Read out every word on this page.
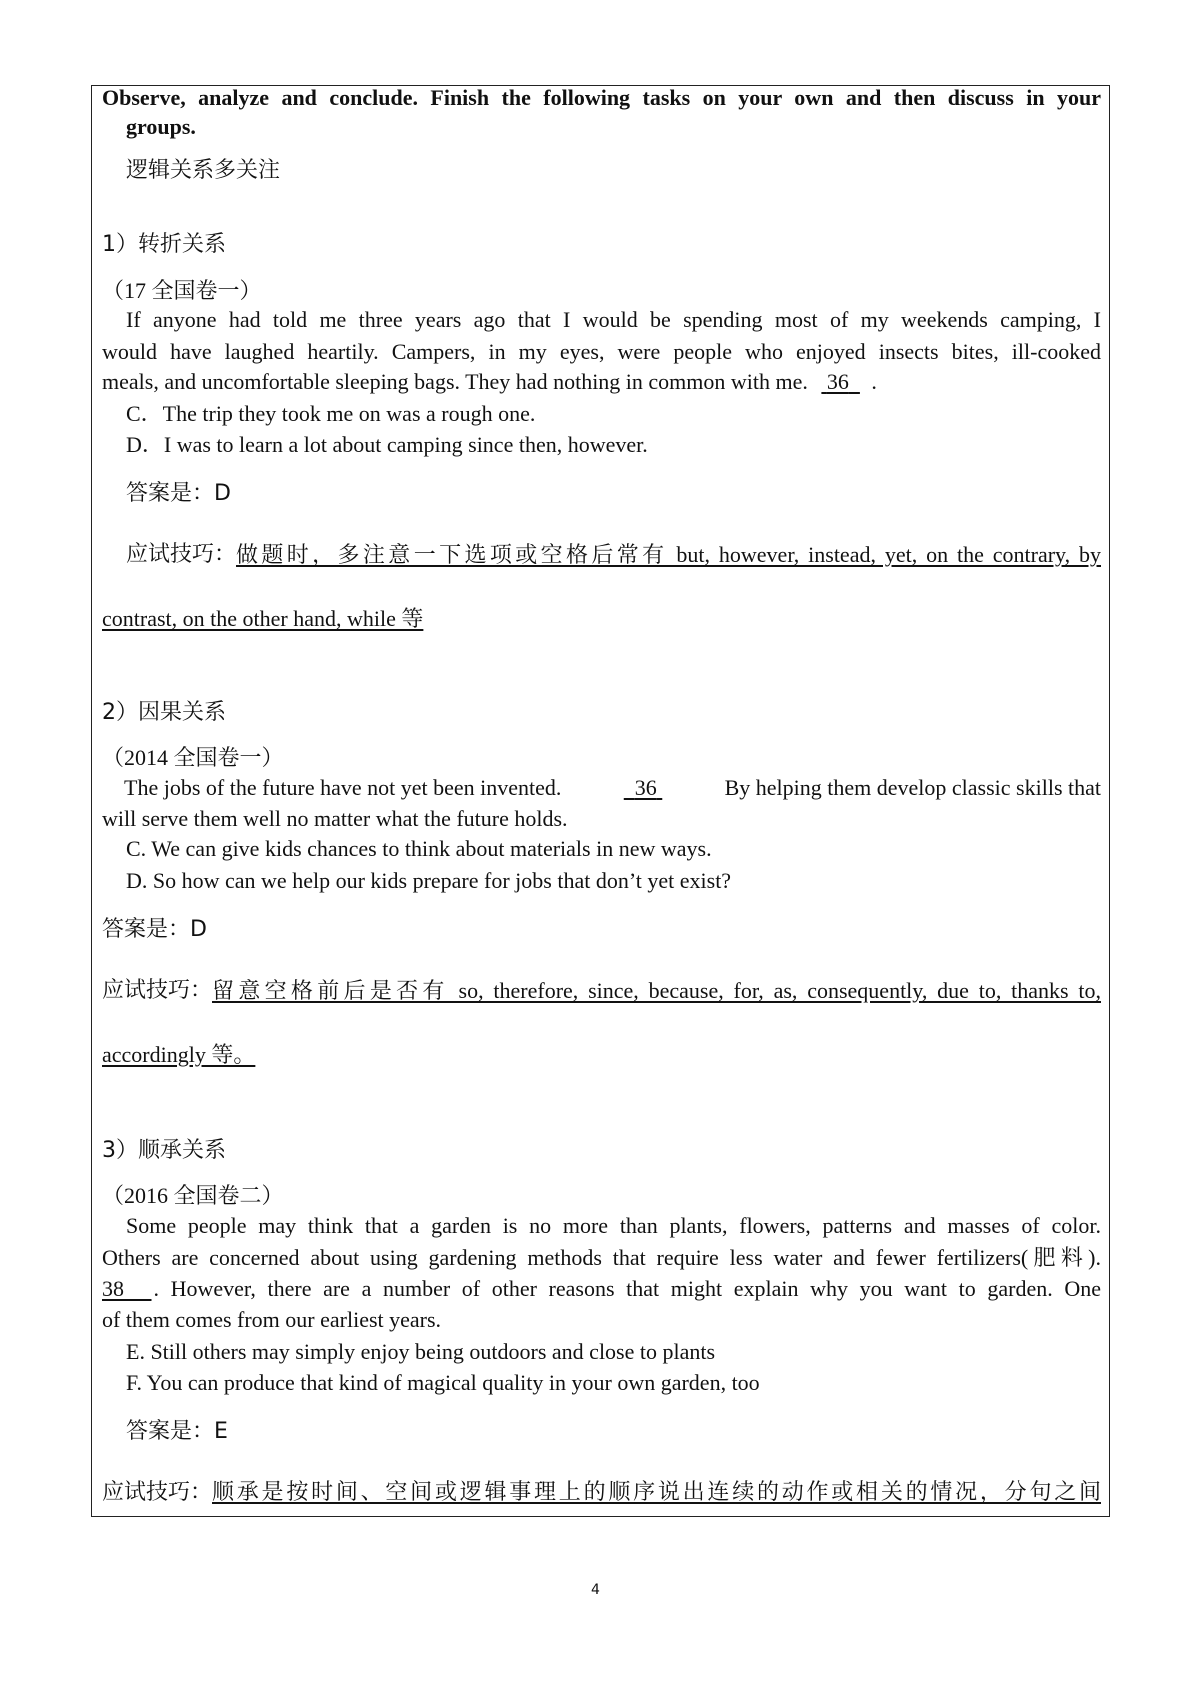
Observe, analyze and conclude. Finish the following tasks on your own and then discuss in your
groups.
逻辑关系多关注
1）转折关系
（17 全国卷一）
If anyone had told me three years ago that I would be spending most of my weekends camping, I
would have laughed heartily. Campers, in my eyes, were people who enjoyed insects bites, ill-cooked
meals, and uncomfortable sleeping bags. They had nothing in common with me. 36 .
C．The trip they took me on was a rough one.
D．I was to learn a lot about camping since then, however.
答案是：D
应试技巧： 做题时，多注意一下选项或空格后常有 but, however, instead, yet, on the contrary, by
contrast, on the other hand, while 等
2）因果关系
（2014 全国卷一）
The jobs of the future have not yet been invented.	36	By helping them develop classic skills that
will serve them well no matter what the future holds.
C. We can give kids chances to think about materials in new ways.
D. So how can we help our kids prepare for jobs that don’t yet exist?
答案是：D
应试技巧： 留意空格前后是否有 so, therefore, since, because, for, as, consequently, due to, thanks to,
accordingly 等。
3）顺承关系
（2016 全国卷二）
Some people may think that a garden is no more than plants, flowers, patterns and masses of color.
Others are concerned about using gardening methods that require less water and fewer fertilizers(肥料).
38	. However, there are a number of other reasons that might explain why you want to garden. One
of them comes from our earliest years.
E. Still others may simply enjoy being outdoors and close to plants
F. You can produce that kind of magical quality in your own garden, too
答案是：E
应试技巧： 顺承是按时间、空间或逻辑事理上的顺序说出连续的动作或相关的情况，分句之间
4
